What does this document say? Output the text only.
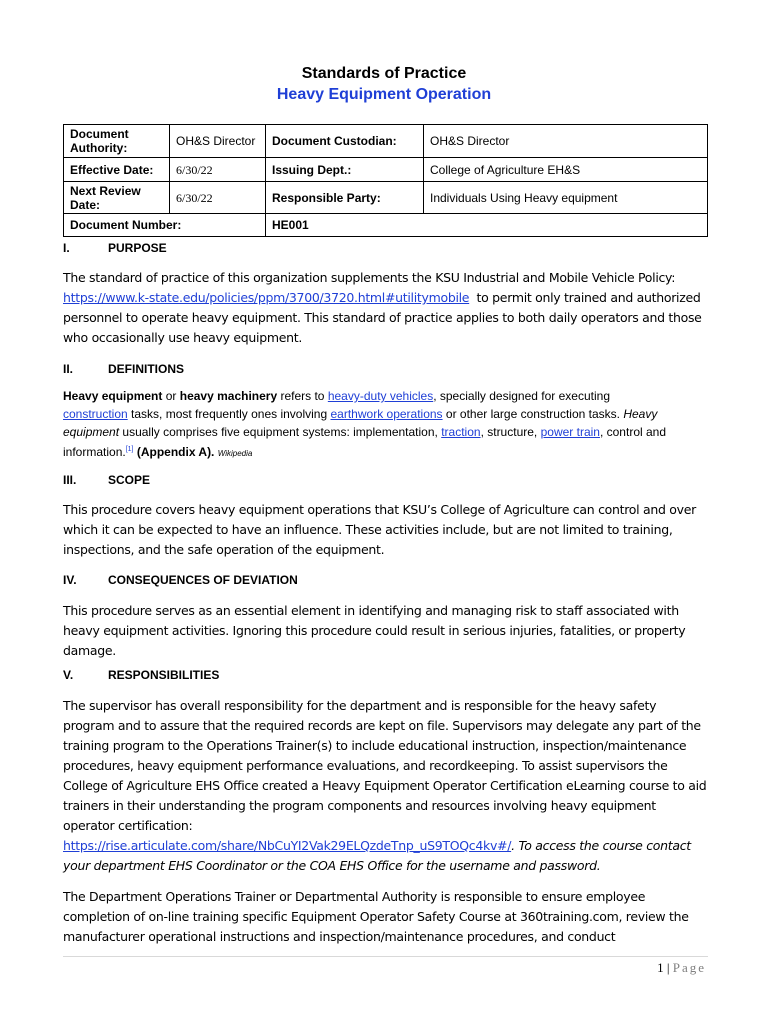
Standards of Practice
Heavy Equipment Operation
Document Authority:	OH&S Director	Document Custodian:	OH&S Director
Effective Date:	6/30/22	Issuing Dept.:	College of Agriculture EH&S
Next Review Date:	6/30/22	Responsible Party:	Individuals Using Heavy equipment
Document Number:		HE001	
I.	PURPOSE
The standard of practice of this organization supplements the KSU Industrial and Mobile Vehicle Policy:
https://www.k-state.edu/policies/ppm/3700/3720.html#utilitymobile to permit only trained and authorized personnel to operate heavy equipment. This standard of practice applies to both daily operators and those who occasionally use heavy equipment.
II.	DEFINITIONS
Heavy equipment or heavy machinery refers to heavy-duty vehicles, specially designed for executing
construction tasks, most frequently ones involving earthwork operations or other large construction tasks. Heavy equipment usually comprises five equipment systems: implementation, traction, structure, power train, control and information.[1] (Appendix A). Wikipedia
III.	SCOPE
This procedure covers heavy equipment operations that KSU’s College of Agriculture can control and over which it can be expected to have an influence. These activities include, but are not limited to training, inspections, and the safe operation of the equipment.
IV.	CONSEQUENCES OF DEVIATION
This procedure serves as an essential element in identifying and managing risk to staff associated with heavy equipment activities. Ignoring this procedure could result in serious injuries, fatalities, or property damage.
V.	RESPONSIBILITIES
The supervisor has overall responsibility for the department and is responsible for the heavy safety program and to assure that the required records are kept on file. Supervisors may delegate any part of the training program to the Operations Trainer(s) to include educational instruction, inspection/maintenance procedures, heavy equipment performance evaluations, and recordkeeping. To assist supervisors the College of Agriculture EHS Office created a Heavy Equipment Operator Certification eLearning course to aid trainers in their understanding the program components and resources involving heavy equipment operator certification:
https://rise.articulate.com/share/NbCuYI2Vak29ELQzdeTnp_uS9TOQc4kv#/. To access the course contact your department EHS Coordinator or the COA EHS Office for the username and password.
The Department Operations Trainer or Departmental Authority is responsible to ensure employee completion of on-line training specific Equipment Operator Safety Course at 360training.com, review the manufacturer operational instructions and inspection/maintenance procedures, and conduct
1 | Page
